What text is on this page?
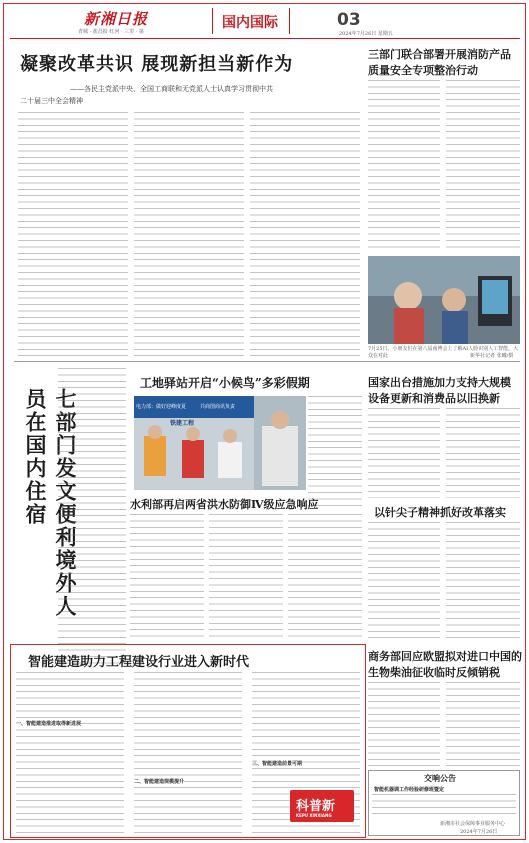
新湘日报
青城 · 盐昌报 红河 · 三里 · 第
国内国际	03
2024年7月26日 星期五
凝聚改革共识 展现新担当新作为
——各民主党派中央、全国工商联和无党派人士认真学习贯彻中共
二十届三中全会精神
三部门联合部署开展消防产品
质量安全专项整治行动
7月25日，小朋友们在第八届南博会上了解AI人脸识别人工智能。大众在对此	新华社记者 张曦/摄
七部门发文便利境外人员在国内住宿
工地驿站开启“小候鸟”多彩假期
电力部：做好迎峰度夏	共商图商讯负责
铁建工程
水利部再启两省洪水防御Ⅳ级应急响应
国家出台措施加力支持大规模
设备更新和消费品以旧换新
以针尖子精神抓好改革落实
智能建造助力工程建设行业进入新时代
一、智能建造推进取得新进展
二、智能建造规模提升
三、智能建造前景可期
科普新
KEPU XINXIANG
商务部回应欧盟拟对进口中国的
生物柴油征收临时反倾销税
交响公告
智能机器调工作经验研修班暨定
新湘市社会保障事业服务中心
2024年7月26日
